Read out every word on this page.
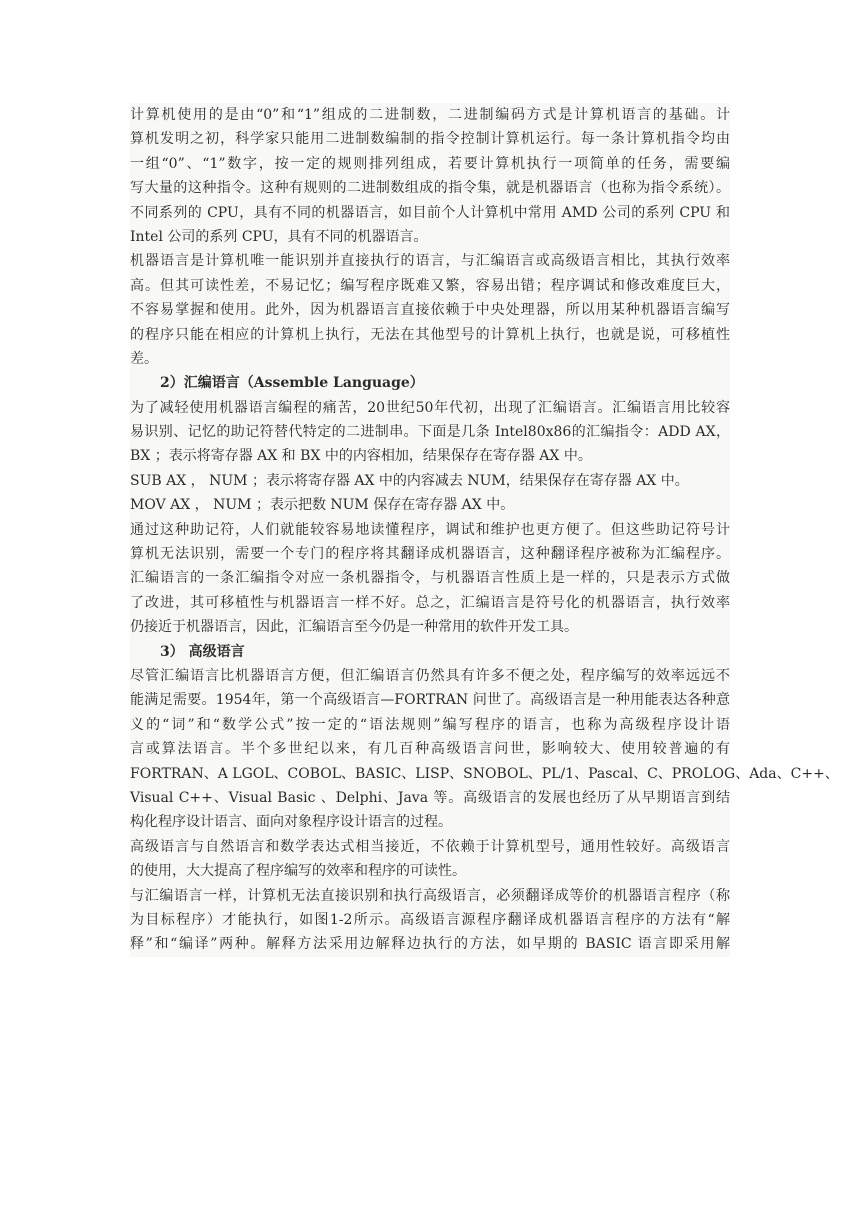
计算机使用的是由“0”和“1”组成的二进制数，二进制编码方式是计算机语言的基础。计
算机发明之初，科学家只能用二进制数编制的指令控制计算机运行。每一条计算机指令均由
一组“0”、“1”数字，按一定的规则排列组成，若要计算机执行一项简单的任务，需要编
写大量的这种指令。这种有规则的二进制数组成的指令集，就是机器语言（也称为指令系统）。
不同系列的 CPU，具有不同的机器语言，如目前个人计算机中常用 AMD 公司的系列 CPU 和
Intel 公司的系列 CPU，具有不同的机器语言。
机器语言是计算机唯一能识别并直接执行的语言，与汇编语言或高级语言相比，其执行效率
高。但其可读性差，不易记忆；编写程序既难又繁，容易出错；程序调试和修改难度巨大，
不容易掌握和使用。此外，因为机器语言直接依赖于中央处理器，所以用某种机器语言编写
的程序只能在相应的计算机上执行，无法在其他型号的计算机上执行，也就是说，可移植性
差。
2）汇编语言（Assemble Language）
为了减轻使用机器语言编程的痛苦，20世纪50年代初，出现了汇编语言。汇编语言用比较容
易识别、记忆的助记符替代特定的二进制串。下面是几条 Intel80x86的汇编指令：ADD AX，
BX ；表示将寄存器 AX 和 BX 中的内容相加，结果保存在寄存器 AX 中。
SUB AX ， NUM ；表示将寄存器 AX 中的内容减去 NUM，结果保存在寄存器 AX 中。
MOV AX ， NUM ；表示把数 NUM 保存在寄存器 AX 中。
通过这种助记符，人们就能较容易地读懂程序，调试和维护也更方便了。但这些助记符号计
算机无法识别，需要一个专门的程序将其翻译成机器语言，这种翻译程序被称为汇编程序。
汇编语言的一条汇编指令对应一条机器指令，与机器语言性质上是一样的，只是表示方式做
了改进，其可移植性与机器语言一样不好。总之，汇编语言是符号化的机器语言，执行效率
仍接近于机器语言，因此，汇编语言至今仍是一种常用的软件开发工具。
3） 高级语言
尽管汇编语言比机器语言方便，但汇编语言仍然具有许多不便之处，程序编写的效率远远不
能满足需要。1954年，第一个高级语言—FORTRAN 问世了。高级语言是一种用能表达各种意
义的“词”和“数学公式”按一定的“语法规则”编写程序的语言，也称为高级程序设计语
言或算法语言。半个多世纪以来，有几百种高级语言问世，影响较大、使用较普遍的有
FORTRAN、A LGOL、COBOL、BASIC、LISP、SNOBOL、PL/1、Pascal、C、PROLOG、Ada、C++、
Visual C++、Visual Basic 、Delphi、Java 等。高级语言的发展也经历了从早期语言到结
构化程序设计语言、面向对象程序设计语言的过程。
高级语言与自然语言和数学表达式相当接近，不依赖于计算机型号，通用性较好。高级语言
的使用，大大提高了程序编写的效率和程序的可读性。
与汇编语言一样，计算机无法直接识别和执行高级语言，必须翻译成等价的机器语言程序（称
为目标程序）才能执行，如图1-2所示。高级语言源程序翻译成机器语言程序的方法有“解
释”和“编译”两种。解释方法采用边解释边执行的方法，如早期的 BASIC 语言即采用解
